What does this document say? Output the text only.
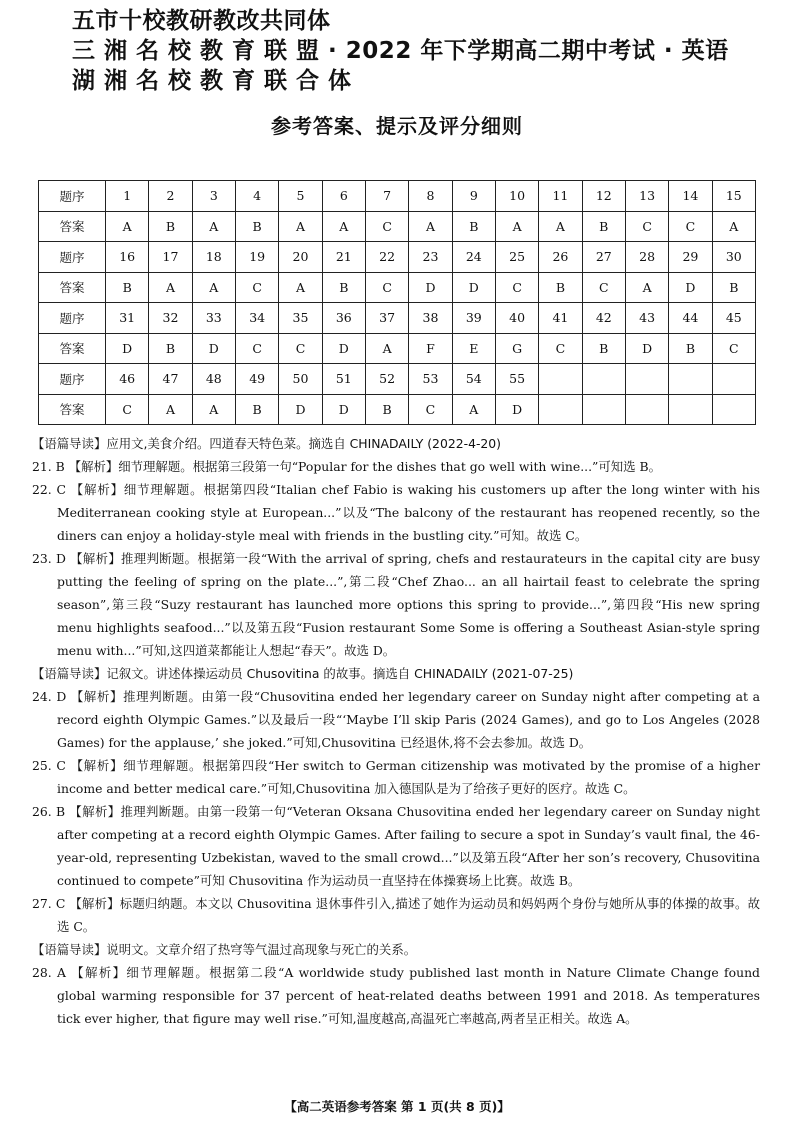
五市十校教研教改共同体
三 湘 名 校 教 育 联 盟 · 2022 年下学期高二期中考试 · 英语
湖 湘 名 校 教 育 联 合 体
参考答案、提示及评分细则
题序	1	2	3	4	5	6	7	8	9	10	11	12	13	14	15
答案	A	B	A	B	A	A	C	A	B	A	A	B	C	C	A
题序	16	17	18	19	20	21	22	23	24	25	26	27	28	29	30
答案	B	A	A	C	A	B	C	D	D	C	B	C	A	D	B
题序	31	32	33	34	35	36	37	38	39	40	41	42	43	44	45
答案	D	B	D	C	C	D	A	F	E	G	C	B	D	B	C
题序	46	47	48	49	50	51	52	53	54	55					
答案	C	A	A	B	D	D	B	C	A	D					

【语篇导读】应用文,美食介绍。四道春天特色菜。摘选自 CHINADAILY (2022-4-20)

21. B 【解析】细节理解题。根据第三段第一句“Popular for the dishes that go well with wine...”可知选 B。

22. C 【解析】细节理解题。根据第四段“Italian chef Fabio is waking his customers up after the long winter with his Mediterranean cooking style at European...”以及“The balcony of the restaurant has reopened recently, so the diners can enjoy a holiday-style meal with friends in the bustling city.”可知。故选 C。

23. D 【解析】推理判断题。根据第一段“With the arrival of spring, chefs and restaurateurs in the capital city are busy putting the feeling of spring on the plate...”,第二段“Chef Zhao... an all hairtail feast to celebrate the spring season”,第三段“Suzy restaurant has launched more options this spring to provide...”,第四段“His new spring menu highlights seafood...”以及第五段“Fusion restaurant Some Some is offering a Southeast Asian-style spring menu with...”可知,这四道菜都能让人想起“春天”。故选 D。

【语篇导读】记叙文。讲述体操运动员 Chusovitina 的故事。摘选自 CHINADAILY (2021-07-25)

24. D 【解析】推理判断题。由第一段“Chusovitina ended her legendary career on Sunday night after competing at a record eighth Olympic Games.”以及最后一段“‘Maybe I’ll skip Paris (2024 Games), and go to Los Angeles (2028 Games) for the applause,’ she joked.”可知,Chusovitina 已经退休,将不会去参加。故选 D。

25. C 【解析】细节理解题。根据第四段“Her switch to German citizenship was motivated by the promise of a higher income and better medical care.”可知,Chusovitina 加入德国队是为了给孩子更好的医疗。故选 C。

26. B 【解析】推理判断题。由第一段第一句“Veteran Oksana Chusovitina ended her legendary career on Sunday night after competing at a record eighth Olympic Games. After failing to secure a spot in Sunday’s vault final, the 46-year-old, representing Uzbekistan, waved to the small crowd...”以及第五段“After her son’s recovery, Chusovitina continued to compete”可知 Chusovitina 作为运动员一直坚持在体操赛场上比赛。故选 B。

27. C 【解析】标题归纳题。本文以 Chusovitina 退休事件引入,描述了她作为运动员和妈妈两个身份与她所从事的体操的故事。故选 C。

【语篇导读】说明文。文章介绍了热穹等气温过高现象与死亡的关系。

28. A 【解析】细节理解题。根据第二段“A worldwide study published last month in Nature Climate Change found global warming responsible for 37 percent of heat-related deaths between 1991 and 2018. As temperatures tick ever higher, that figure may well rise.”可知,温度越高,高温死亡率越高,两者呈正相关。故选 A。

【高二英语参考答案 第 1 页(共 8 页)】
